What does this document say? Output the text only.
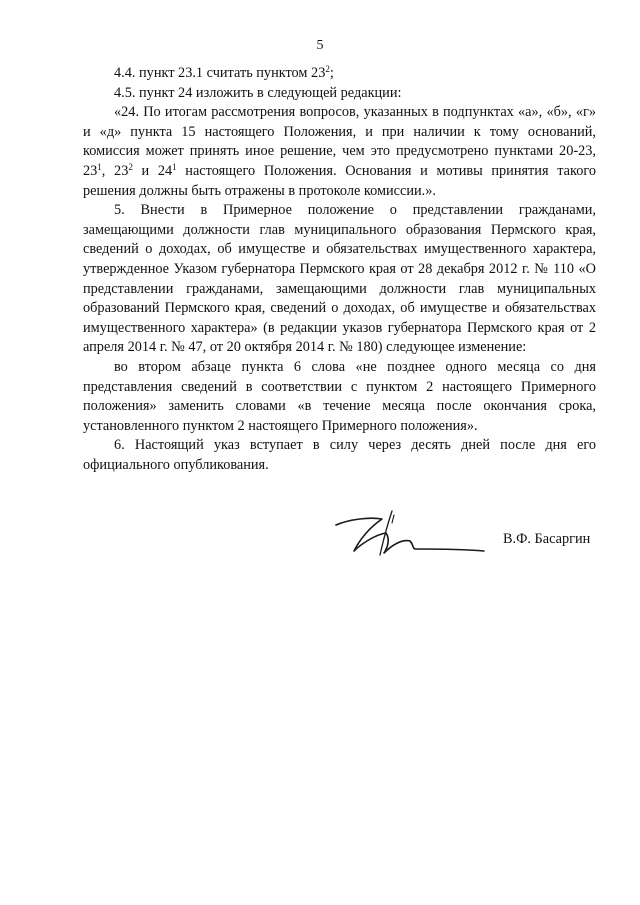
5

4.4. пункт 23.1 считать пунктом $23^2$;

4.5. пункт 24 изложить в следующей редакции:

«24. По итогам рассмотрения вопросов, указанных в подпунктах «а», «б», «г» и «д» пункта 15 настоящего Положения, и при наличии к тому оснований, комиссия может принять иное решение, чем это предусмотрено пунктами 20-23, $23^1$, $23^2$ и $24^1$ настоящего Положения. Основания и мотивы принятия такого решения должны быть отражены в протоколе комиссии.».

5. Внести в Примерное положение о представлении гражданами, замещающими должности глав муниципального образования Пермского края, сведений о доходах, об имуществе и обязательствах имущественного характера, утвержденное Указом губернатора Пермского края от 28 декабря 2012 г. № 110 «О представлении гражданами, замещающими должности глав муниципальных образований Пермского края, сведений о доходах, об имуществе и обязательствах имущественного характера» (в редакции указов губернатора Пермского края от 2 апреля 2014 г. № 47, от 20 октября 2014 г. № 180) следующее изменение:

во втором абзаце пункта 6 слова «не позднее одного месяца со дня представления сведений в соответствии с пунктом 2 настоящего Примерного положения» заменить словами «в течение месяца после окончания срока, установленного пунктом 2 настоящего Примерного положения».

6. Настоящий указ вступает в силу через десять дней после дня его официального опубликования.

В.Ф. Басаргин
